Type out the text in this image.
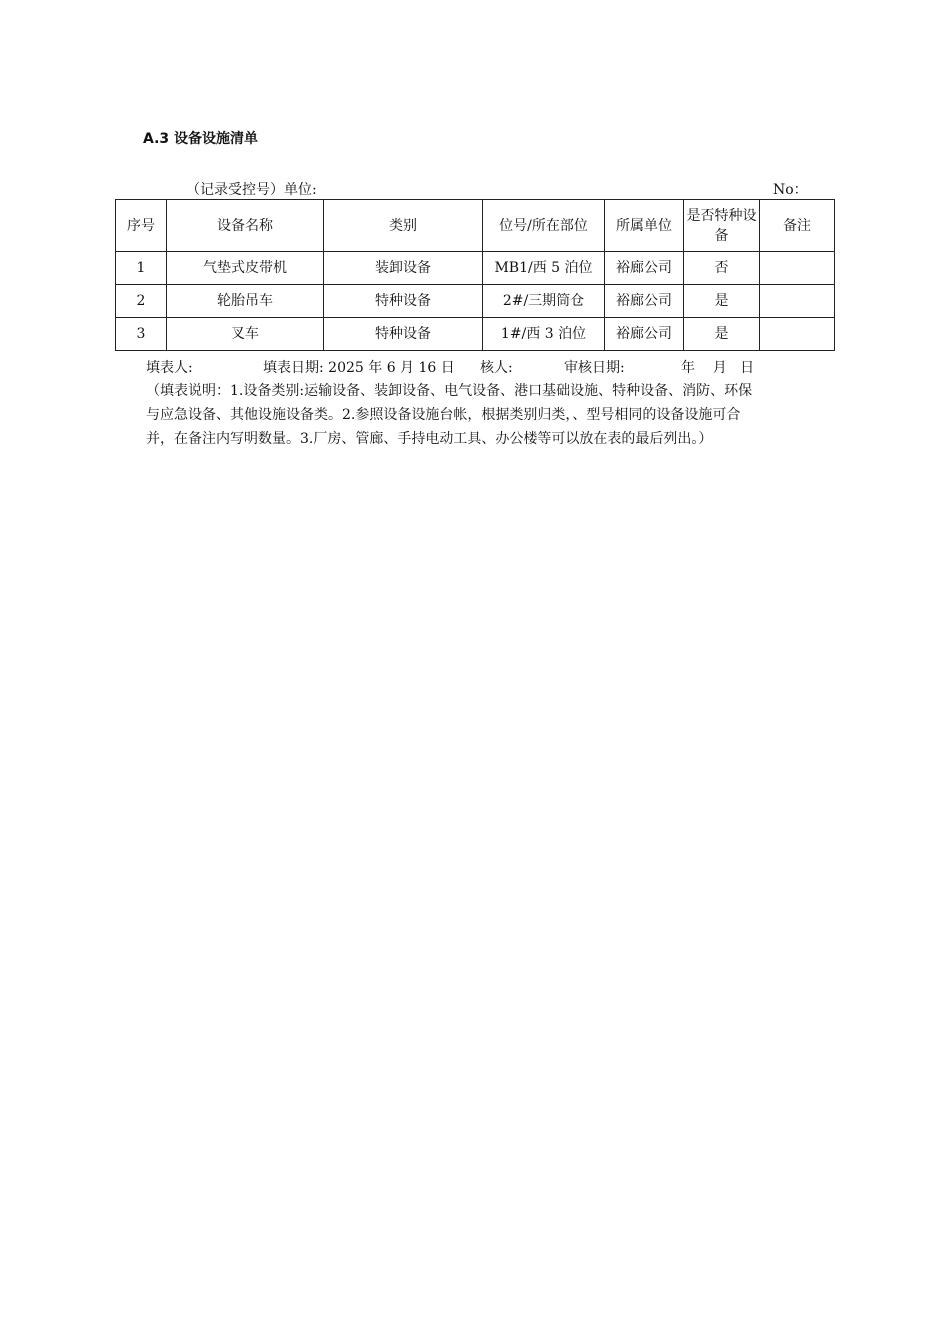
A.3 设备设施清单
（记录受控号）单位:	No：
序号	设备名称	类别	位号/所在部位	所属单位	是否特种设备	备注
1	气垫式皮带机	装卸设备	MB1/西 5 泊位	裕廊公司	否	
2	轮胎吊车	特种设备	2#/三期筒仓	裕廊公司	是	
3	叉车	特种设备	1#/西 3 泊位	裕廊公司	是	
填表人:	填表日期: 2025 年 6 月 16 日 核人:	审核日期:	年    月   日
（填表说明：1.设备类别:运输设备、装卸设备、电气设备、港口基础设施、特种设备、消防、环保与应急设备、其他设施设备类。2.参照设备设施台帐，根据类别归类，、型号相同的设备设施可合并，在备注内写明数量。3.厂房、管廊、手持电动工具、办公楼等可以放在表的最后列出。）
